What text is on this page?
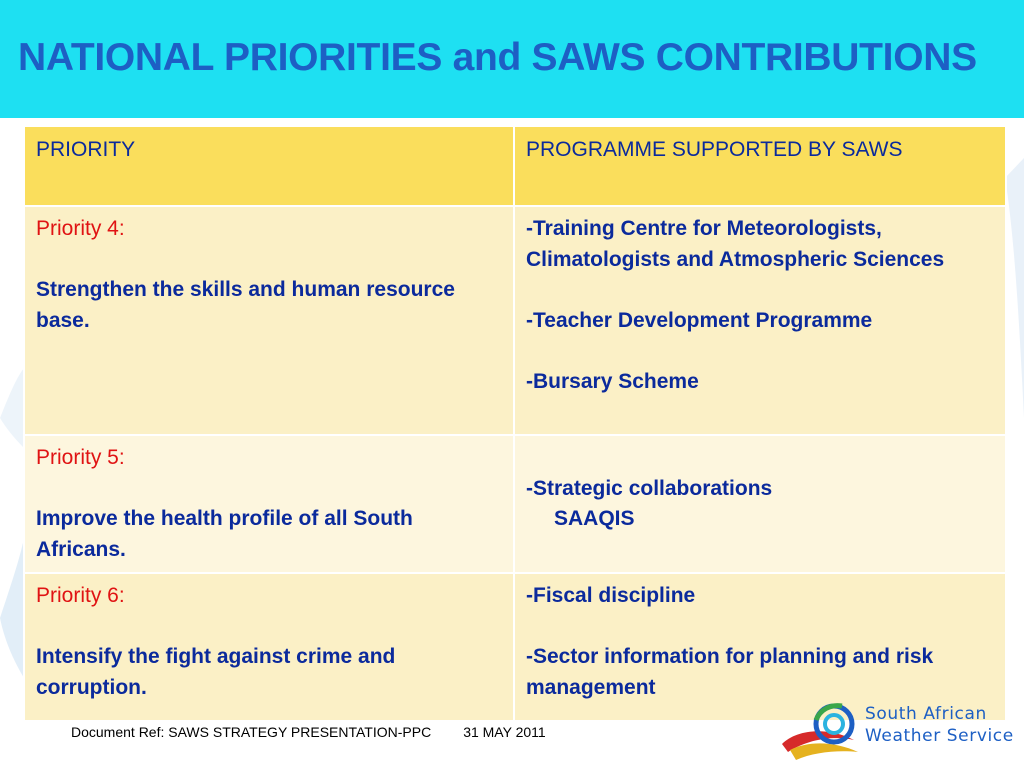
NATIONAL PRIORITIES and SAWS CONTRIBUTIONS
PRIORITY	PROGRAMME SUPPORTED BY SAWS

Priority 4:
Strengthen the skills and human resource base.	-Training Centre for Meteorologists, Climatologists and Atmospheric Sciences
-Teacher Development Programme
-Bursary Scheme

Priority 5:
Improve the health profile of all South Africans.	-Strategic collaborations
SAAQIS

Priority 6:
Intensify the fight against crime and corruption.	-Fiscal discipline
-Sector information for planning and risk management
Document Ref: SAWS STRATEGY PRESENTATION-PPC 31 MAY 2011
South African
Weather Service
